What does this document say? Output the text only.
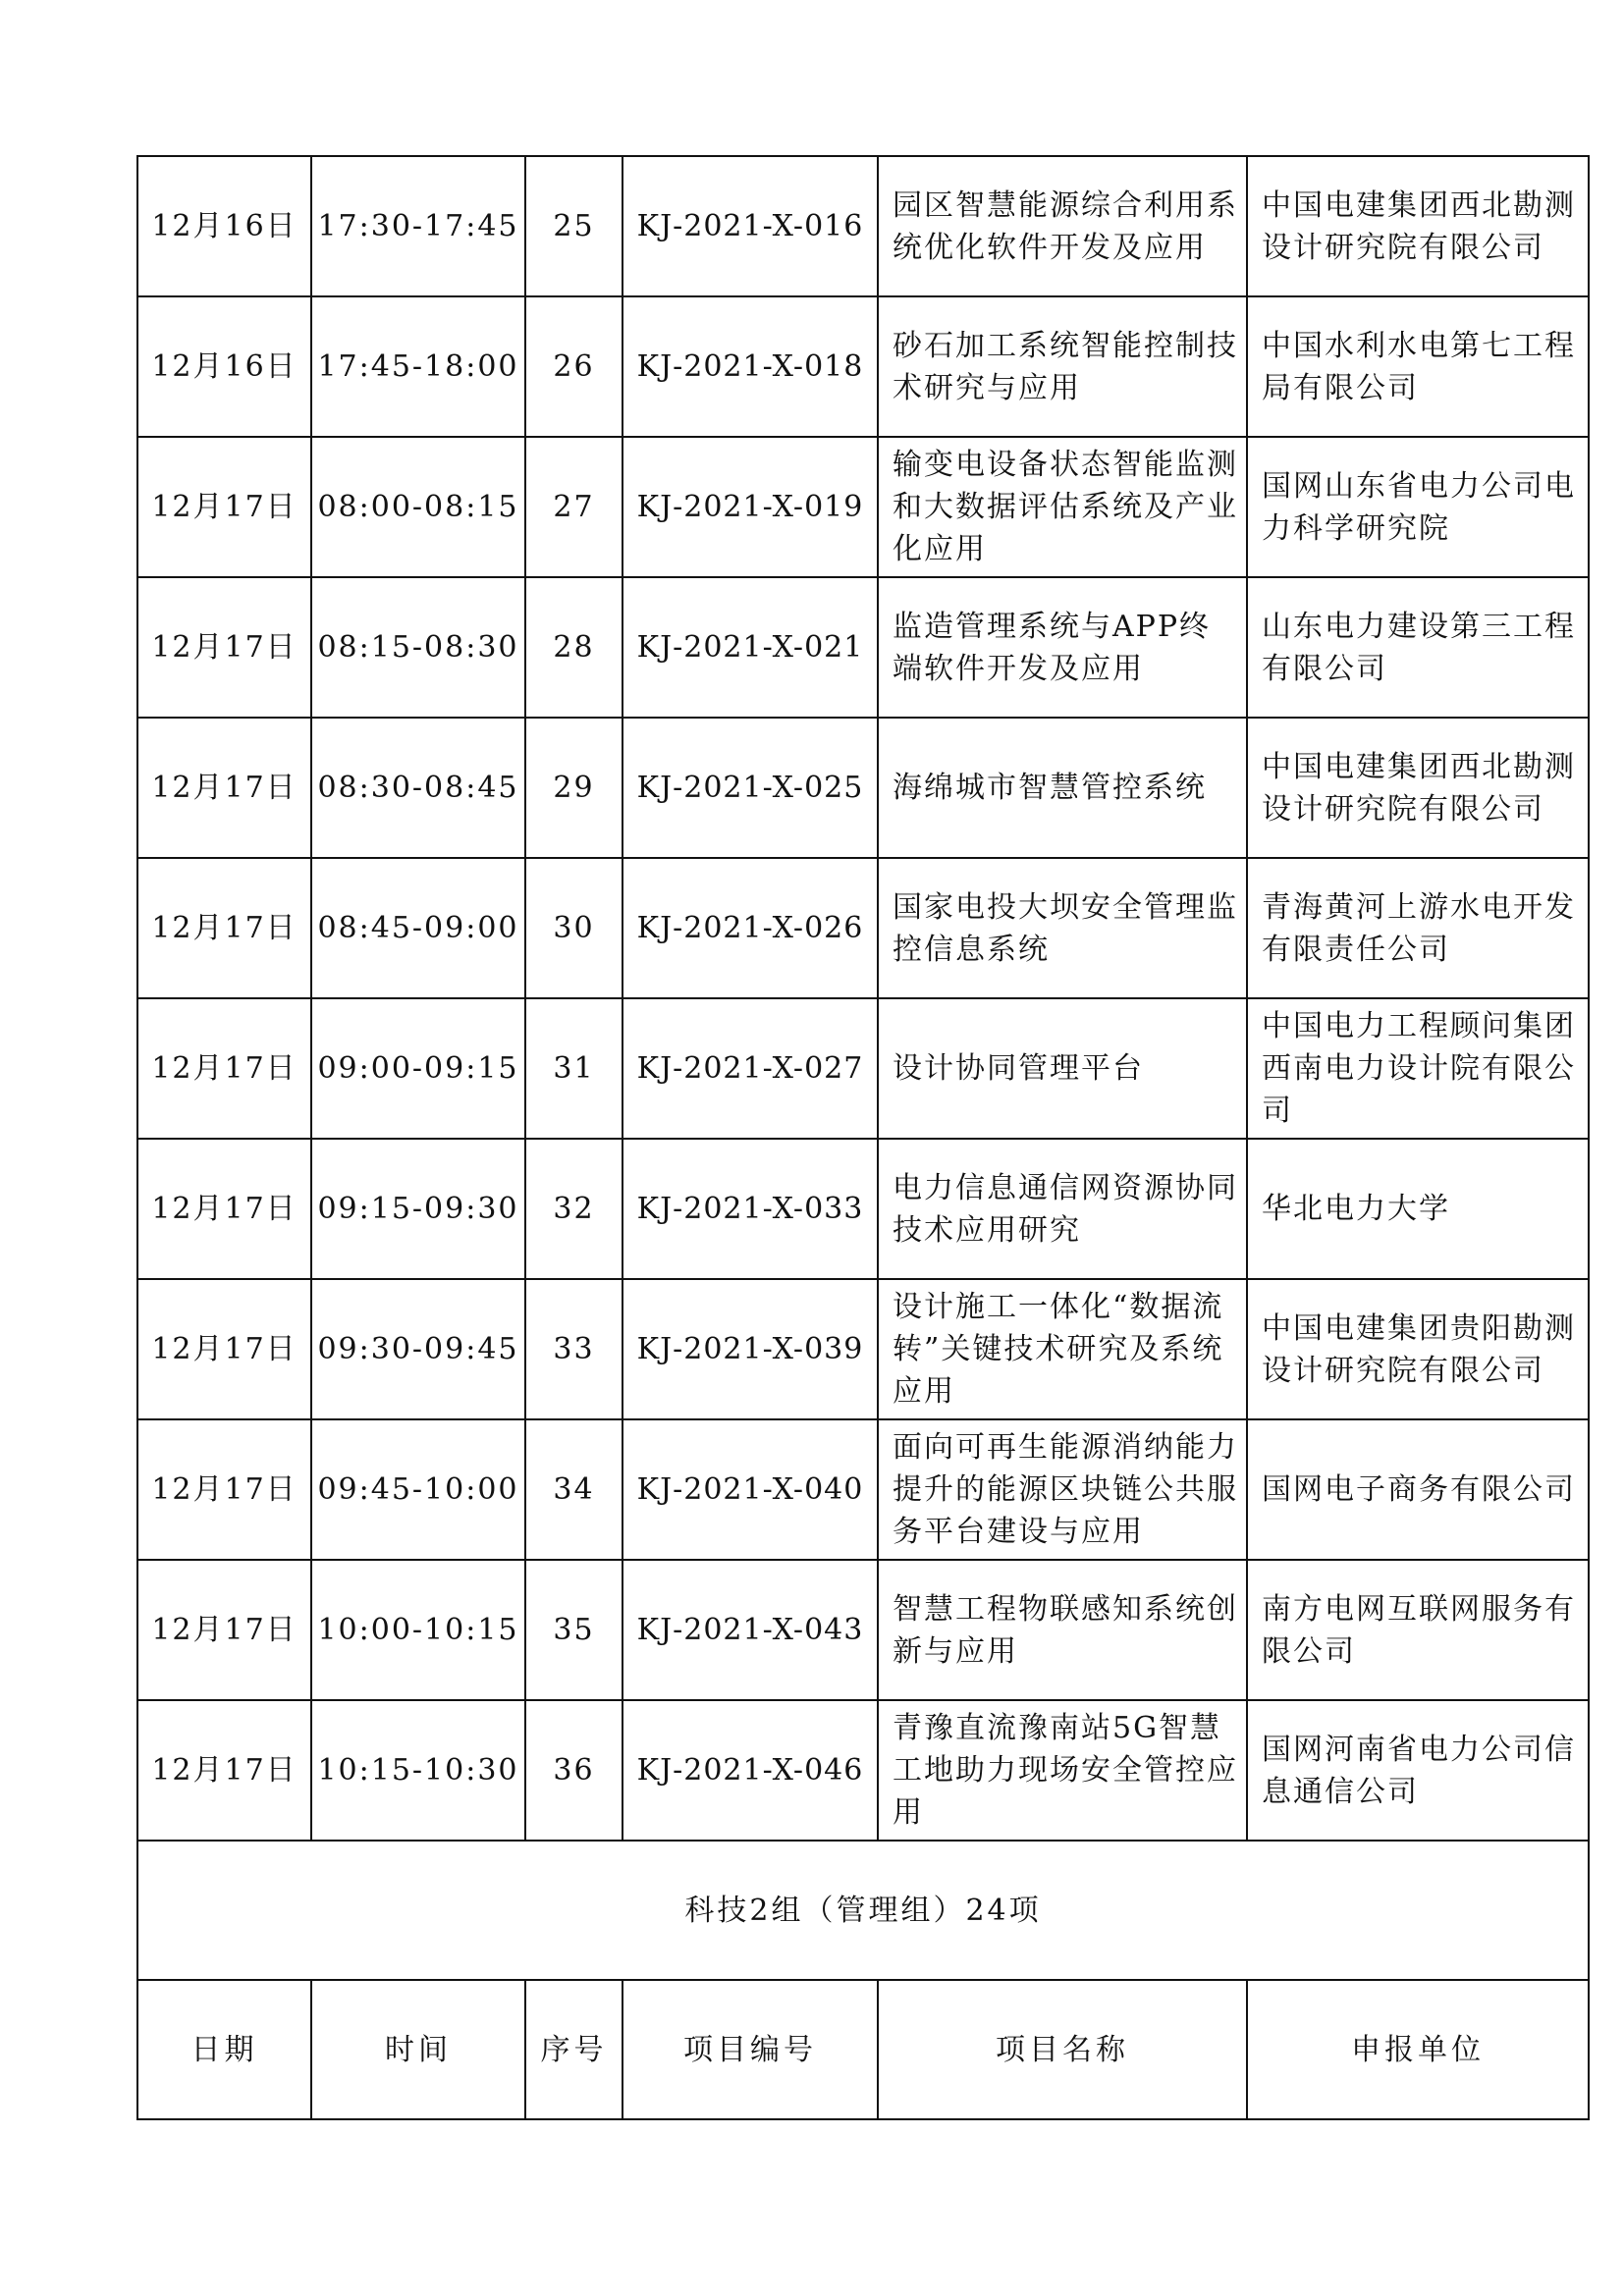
12月16日	17:30-17:45	25	KJ-2021-X-016	园区智慧能源综合利用系统优化软件开发及应用	中国电建集团西北勘测设计研究院有限公司
12月16日	17:45-18:00	26	KJ-2021-X-018	砂石加工系统智能控制技术研究与应用	中国水利水电第七工程局有限公司
12月17日	08:00-08:15	27	KJ-2021-X-019	输变电设备状态智能监测和大数据评估系统及产业化应用	国网山东省电力公司电力科学研究院
12月17日	08:15-08:30	28	KJ-2021-X-021	监造管理系统与APP终端软件开发及应用	山东电力建设第三工程有限公司
12月17日	08:30-08:45	29	KJ-2021-X-025	海绵城市智慧管控系统	中国电建集团西北勘测设计研究院有限公司
12月17日	08:45-09:00	30	KJ-2021-X-026	国家电投大坝安全管理监控信息系统	青海黄河上游水电开发有限责任公司
12月17日	09:00-09:15	31	KJ-2021-X-027	设计协同管理平台	中国电力工程顾问集团西南电力设计院有限公司
12月17日	09:15-09:30	32	KJ-2021-X-033	电力信息通信网资源协同技术应用研究	华北电力大学
12月17日	09:30-09:45	33	KJ-2021-X-039	设计施工一体化“数据流转”关键技术研究及系统应用	中国电建集团贵阳勘测设计研究院有限公司
12月17日	09:45-10:00	34	KJ-2021-X-040	面向可再生能源消纳能力提升的能源区块链公共服务平台建设与应用	国网电子商务有限公司
12月17日	10:00-10:15	35	KJ-2021-X-043	智慧工程物联感知系统创新与应用	南方电网互联网服务有限公司
12月17日	10:15-10:30	36	KJ-2021-X-046	青豫直流豫南站5G智慧工地助力现场安全管控应用	国网河南省电力公司信息通信公司
科技2组（管理组）24项					
日期	时间	序号	项目编号	项目名称	申报单位
